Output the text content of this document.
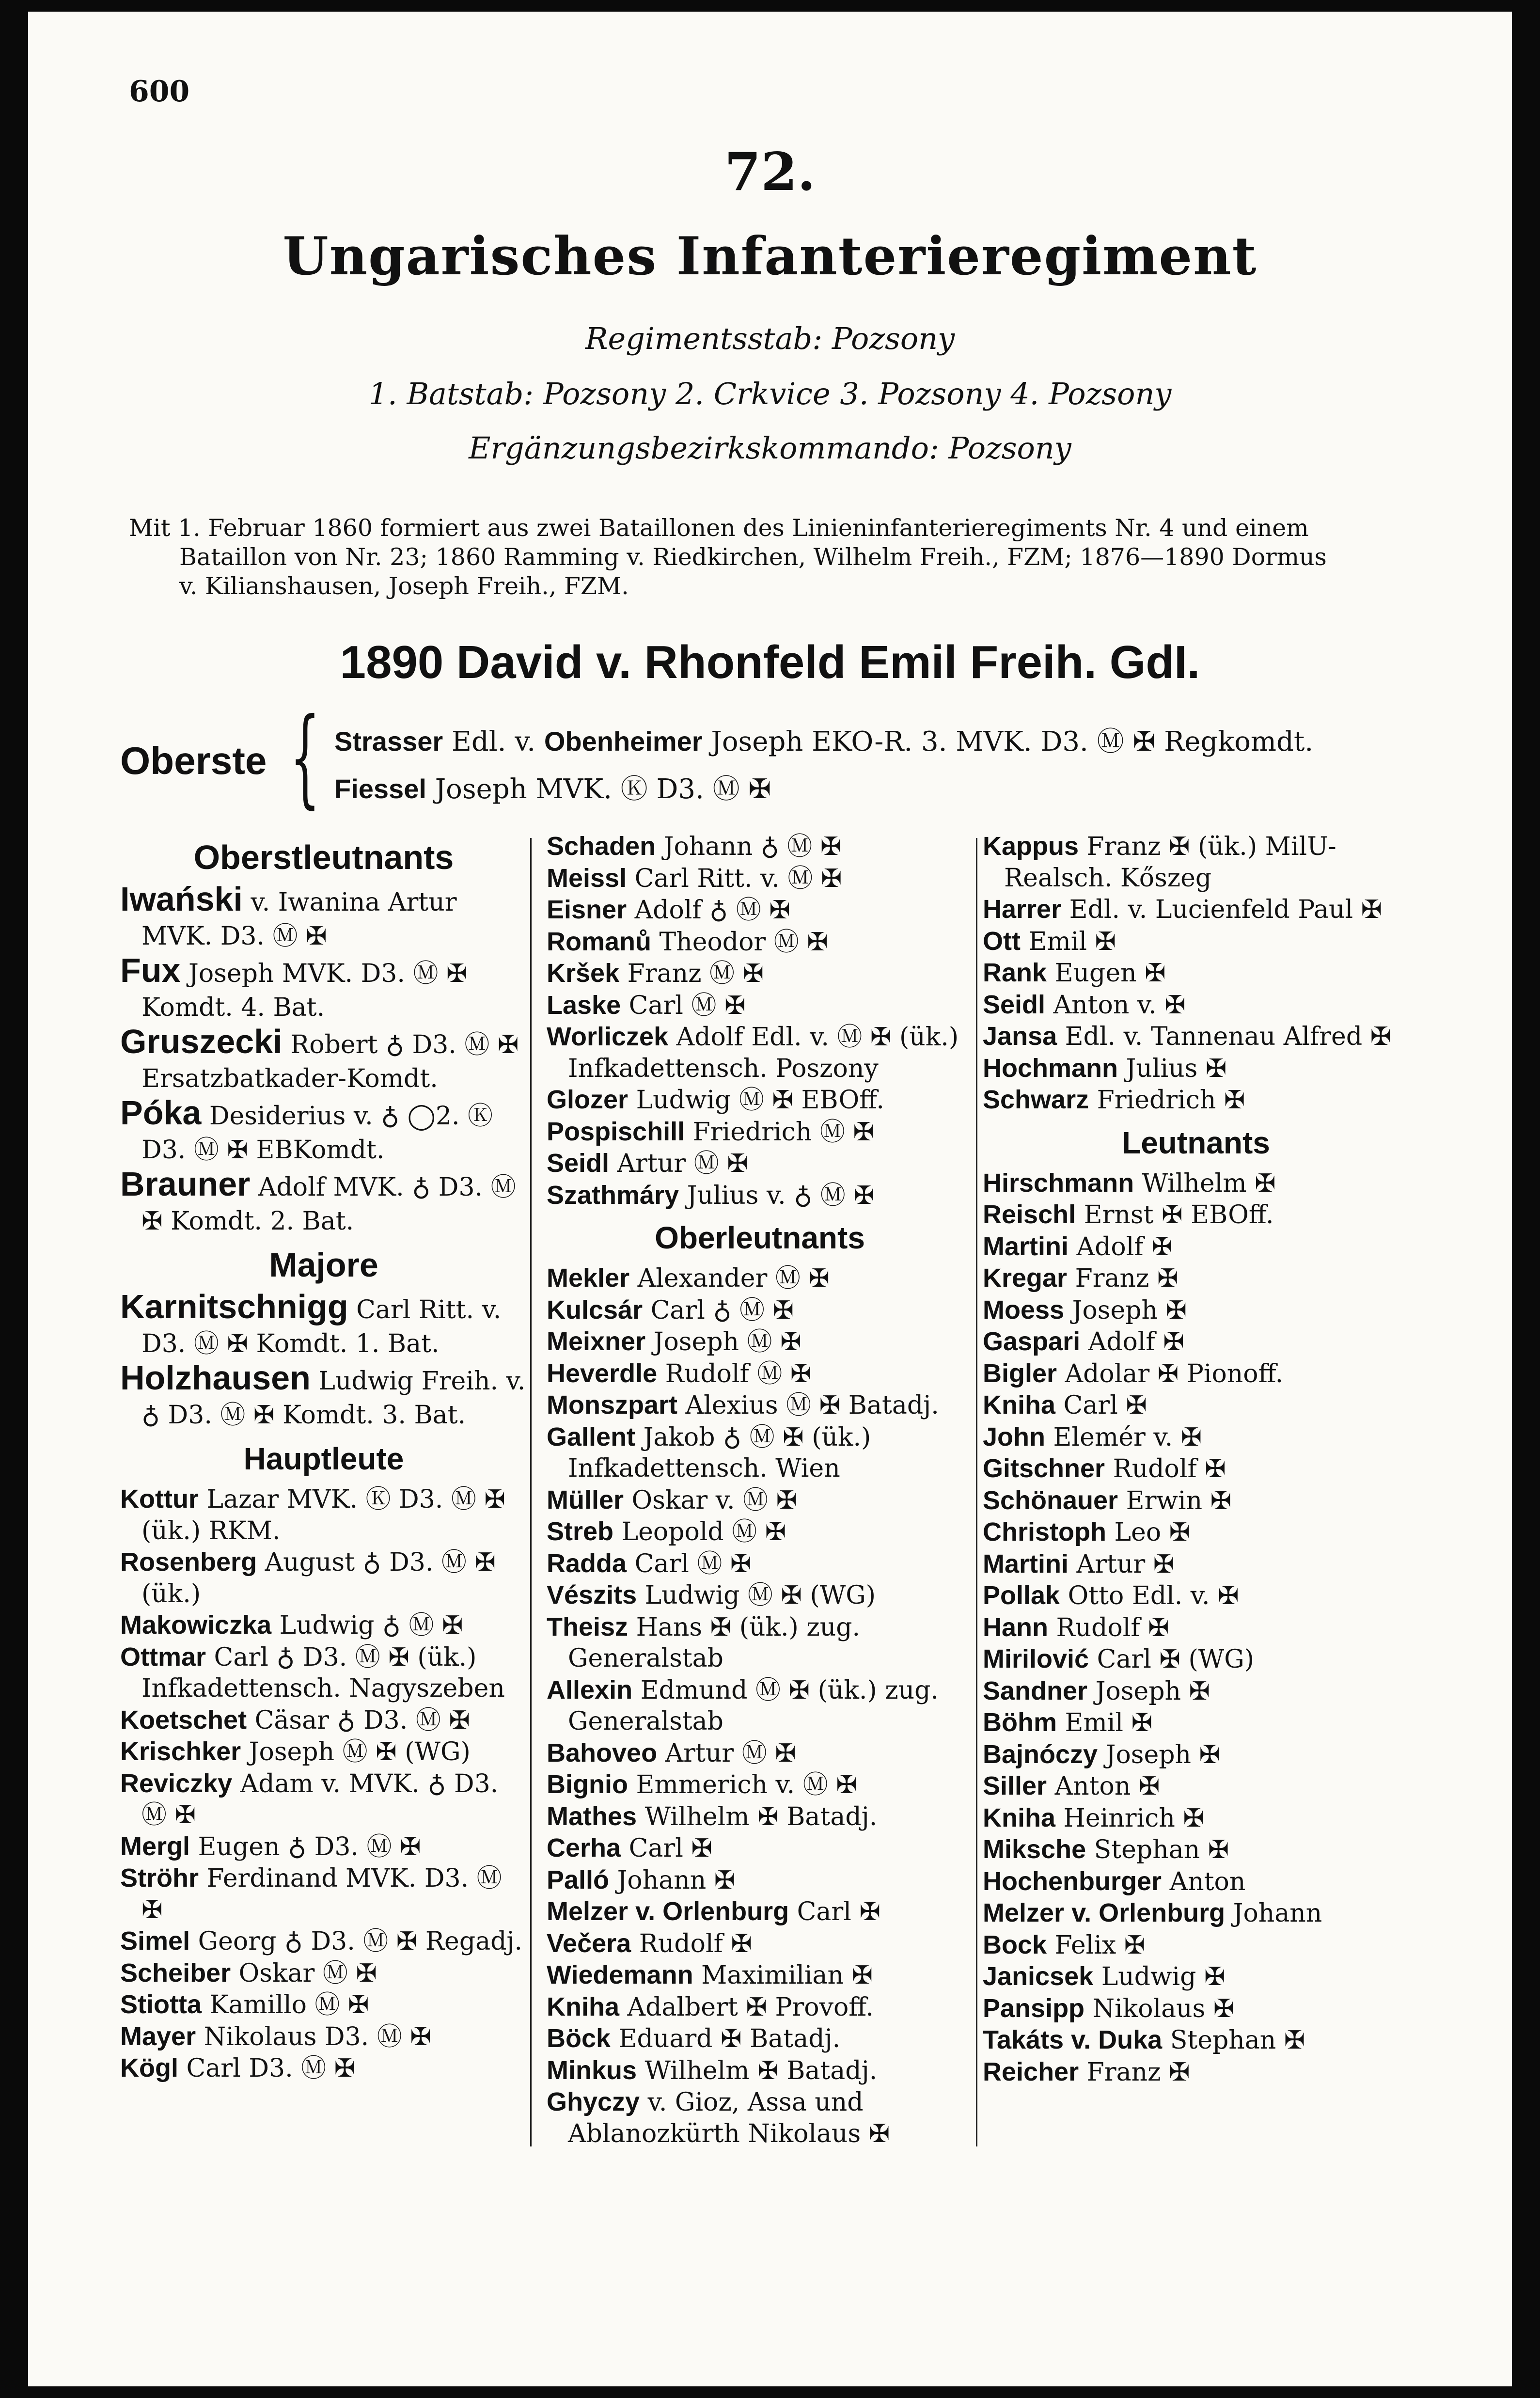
600
72.
Ungarisches Infanterieregiment
Regimentsstab: Pozsony
1. Batstab: Pozsony 2. Crkvice 3. Pozsony 4. Pozsony
Ergänzungsbezirkskommando: Pozsony
Mit 1. Februar 1860 formiert aus zwei Bataillonen des Linieninfanterieregiments Nr. 4 und einem
Bataillon von Nr. 23; 1860 Ramming v. Riedkirchen, Wilhelm Freih., FZM; 1876—1890 Dormus
v. Kilianshausen, Joseph Freih., FZM.
1890 David v. Rhonfeld Emil Freih. GdI.
Oberste { Strasser Edl. v. Obenheimer Joseph EKO-R. 3. MVK. D3. Ⓜ ✠ Regkomdt.
Fiessel Joseph MVK. Ⓚ D3. Ⓜ ✠
Oberstleutnants
Iwański v. Iwanina Artur MVK. D3. Ⓜ ✠
Fux Joseph MVK. D3. Ⓜ ✠ Komdt. 4. Bat.
Gruszecki Robert ♁ D3. Ⓜ ✠ Ersatzbatkader-Komdt.
Póka Desiderius v. ♁ ◯2. Ⓚ D3. Ⓜ ✠ EBKomdt.
Brauner Adolf MVK. ♁ D3. Ⓜ ✠ Komdt. 2. Bat.
Majore
Karnitschnigg Carl Ritt. v. D3. Ⓜ ✠ Komdt. 1. Bat.
Holzhausen Ludwig Freih. v. ♁ D3. Ⓜ ✠ Komdt. 3. Bat.
Hauptleute
Kottur Lazar MVK. Ⓚ D3. Ⓜ ✠ (ük.) RKM.
Rosenberg August ♁ D3. Ⓜ ✠ (ük.)
Makowiczka Ludwig ♁ Ⓜ ✠
Ottmar Carl ♁ D3. Ⓜ ✠ (ük.) Infkadettensch. Nagyszeben
Koetschet Cäsar ♁ D3. Ⓜ ✠
Krischker Joseph Ⓜ ✠ (WG)
Reviczky Adam v. MVK. ♁ D3. Ⓜ ✠
Mergl Eugen ♁ D3. Ⓜ ✠
Ströhr Ferdinand MVK. D3. Ⓜ ✠
Simel Georg ♁ D3. Ⓜ ✠ Regadj.
Scheiber Oskar Ⓜ ✠
Stiotta Kamillo Ⓜ ✠
Mayer Nikolaus D3. Ⓜ ✠
Kögl Carl D3. Ⓜ ✠
Schaden Johann ♁ Ⓜ ✠
Meissl Carl Ritt. v. Ⓜ ✠
Eisner Adolf ♁ Ⓜ ✠
Romanů Theodor Ⓜ ✠
Kršek Franz Ⓜ ✠
Laske Carl Ⓜ ✠
Worliczek Adolf Edl. v. Ⓜ ✠ (ük.) Infkadettensch. Poszony
Glozer Ludwig Ⓜ ✠ EBOff.
Pospischill Friedrich Ⓜ ✠
Seidl Artur Ⓜ ✠
Szathmáry Julius v. ♁ Ⓜ ✠
Oberleutnants
Mekler Alexander Ⓜ ✠
Kulcsár Carl ♁ Ⓜ ✠
Meixner Joseph Ⓜ ✠
Heverdle Rudolf Ⓜ ✠
Monszpart Alexius Ⓜ ✠ Batadj.
Gallent Jakob ♁ Ⓜ ✠ (ük.) Infkadettensch. Wien
Müller Oskar v. Ⓜ ✠
Streb Leopold Ⓜ ✠
Radda Carl Ⓜ ✠
Vészits Ludwig Ⓜ ✠ (WG)
Theisz Hans ✠ (ük.) zug. Generalstab
Allexin Edmund Ⓜ ✠ (ük.) zug. Generalstab
Bahoveo Artur Ⓜ ✠
Bignio Emmerich v. Ⓜ ✠
Mathes Wilhelm ✠ Batadj.
Cerha Carl ✠
Palló Johann ✠
Melzer v. Orlenburg Carl ✠
Večera Rudolf ✠
Wiedemann Maximilian ✠
Kniha Adalbert ✠ Provoff.
Böck Eduard ✠ Batadj.
Minkus Wilhelm ✠ Batadj.
Ghyczy v. Gioz, Assa und Ablanozkürth Nikolaus ✠
Kappus Franz ✠ (ük.) MilU-Realsch. Kőszeg
Harrer Edl. v. Lucienfeld Paul ✠
Ott Emil ✠
Rank Eugen ✠
Seidl Anton v. ✠
Jansa Edl. v. Tannenau Alfred ✠
Hochmann Julius ✠
Schwarz Friedrich ✠
Leutnants
Hirschmann Wilhelm ✠
Reischl Ernst ✠ EBOff.
Martini Adolf ✠
Kregar Franz ✠
Moess Joseph ✠
Gaspari Adolf ✠
Bigler Adolar ✠ Pionoff.
Kniha Carl ✠
John Elemér v. ✠
Gitschner Rudolf ✠
Schönauer Erwin ✠
Christoph Leo ✠
Martini Artur ✠
Pollak Otto Edl. v. ✠
Hann Rudolf ✠
Mirilović Carl ✠ (WG)
Sandner Joseph ✠
Böhm Emil ✠
Bajnóczy Joseph ✠
Siller Anton ✠
Kniha Heinrich ✠
Miksche Stephan ✠
Hochenburger Anton
Melzer v. Orlenburg Johann
Bock Felix ✠
Janicsek Ludwig ✠
Pansipp Nikolaus ✠
Takáts v. Duka Stephan ✠
Reicher Franz ✠
